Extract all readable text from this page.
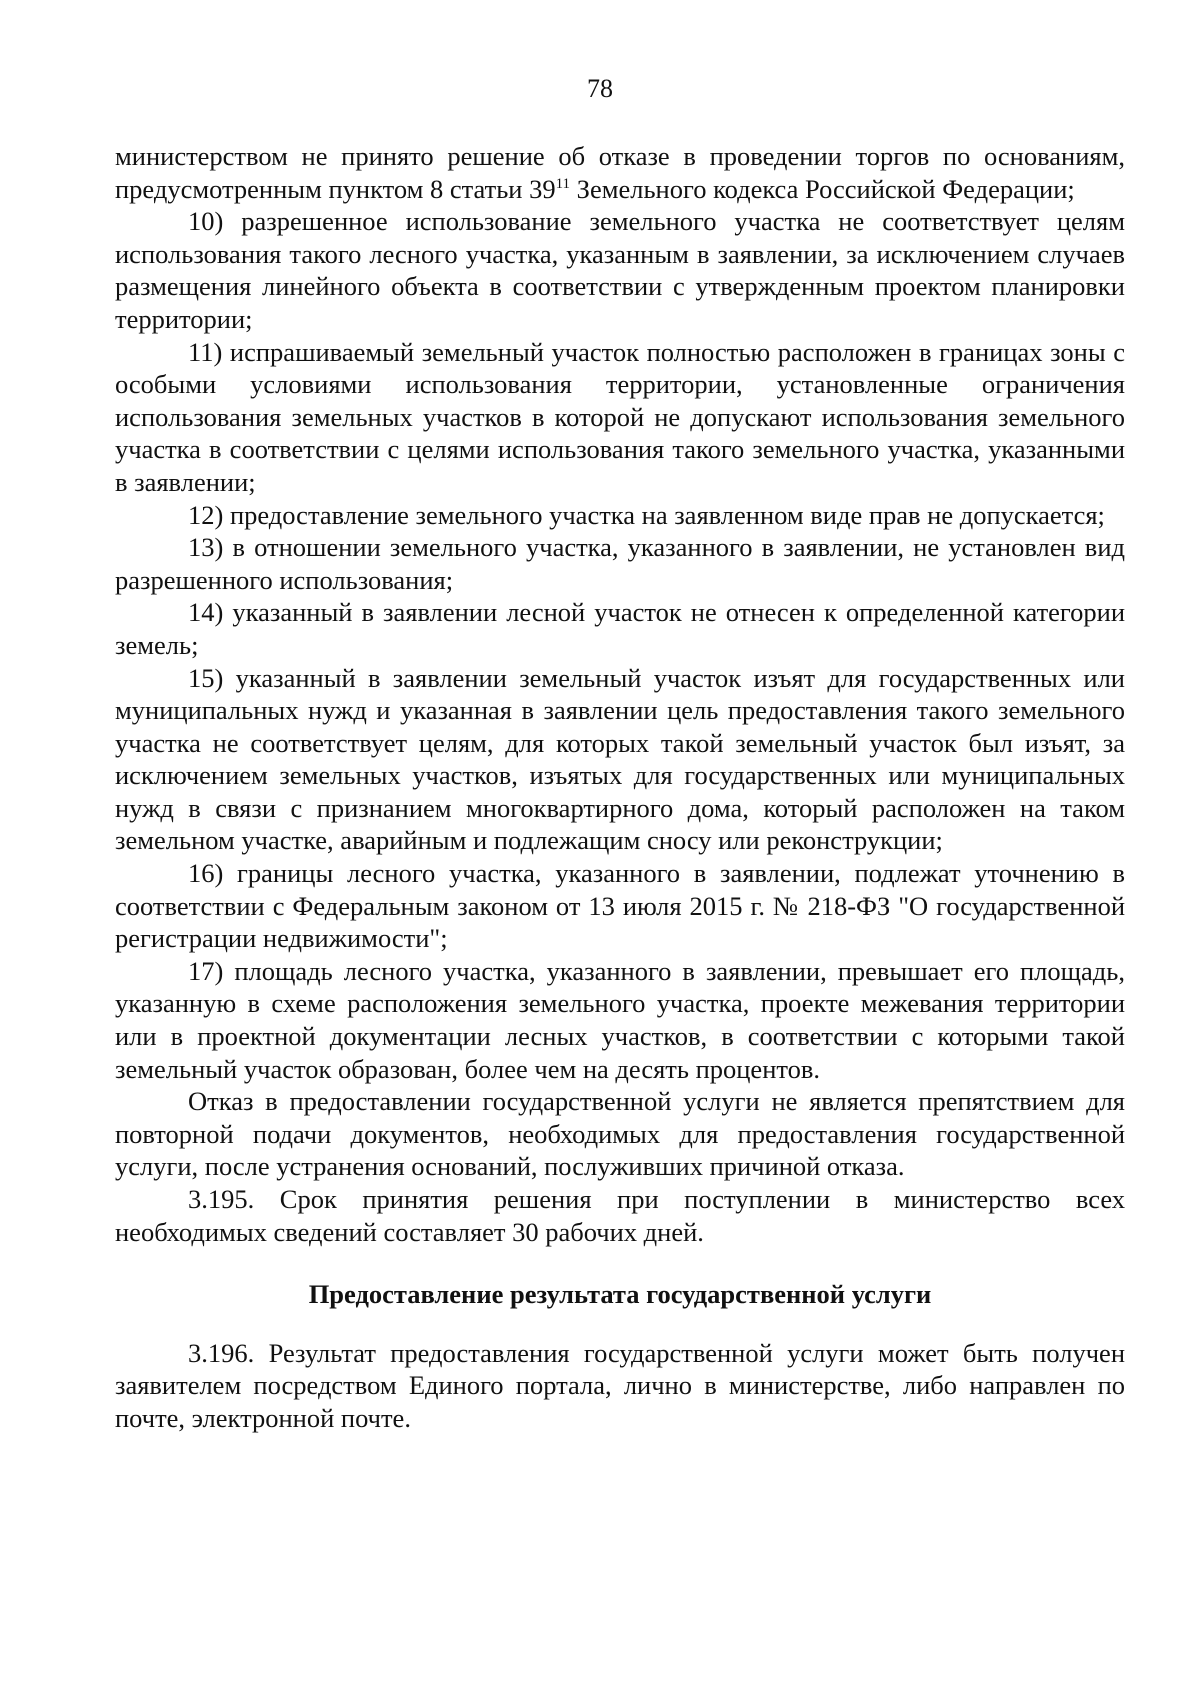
78

министерством не принято решение об отказе в проведении торгов по основаниям, предусмотренным пунктом 8 статьи $39^{11}$ Земельного кодекса Российской Федерации;

10) разрешенное использование земельного участка не соответствует целям использования такого лесного участка, указанным в заявлении, за исключением случаев размещения линейного объекта в соответствии с утвержденным проектом планировки территории;

11) испрашиваемый земельный участок полностью расположен в границах зоны с особыми условиями использования территории, установленные ограничения использования земельных участков в которой не допускают использования земельного участка в соответствии с целями использования такого земельного участка, указанными в заявлении;

12) предоставление земельного участка на заявленном виде прав не допускается;

13) в отношении земельного участка, указанного в заявлении, не установлен вид разрешенного использования;

14) указанный в заявлении лесной участок не отнесен к определенной категории земель;

15) указанный в заявлении земельный участок изъят для государственных или муниципальных нужд и указанная в заявлении цель предоставления такого земельного участка не соответствует целям, для которых такой земельный участок был изъят, за исключением земельных участков, изъятых для государственных или муниципальных нужд в связи с признанием многоквартирного дома, который расположен на таком земельном участке, аварийным и подлежащим сносу или реконструкции;

16) границы лесного участка, указанного в заявлении, подлежат уточнению в соответствии с Федеральным законом от 13 июля 2015 г. № 218-ФЗ "О государственной регистрации недвижимости";

17) площадь лесного участка, указанного в заявлении, превышает его площадь, указанную в схеме расположения земельного участка, проекте межевания территории или в проектной документации лесных участков, в соответствии с которыми такой земельный участок образован, более чем на десять процентов.

Отказ в предоставлении государственной услуги не является препятствием для повторной подачи документов, необходимых для предоставления государственной услуги, после устранения оснований, послуживших причиной отказа.

3.195. Срок принятия решения при поступлении в министерство всех необходимых сведений составляет 30 рабочих дней.

Предоставление результата государственной услуги

3.196. Результат предоставления государственной услуги может быть получен заявителем посредством Единого портала, лично в министерстве, либо направлен по почте, электронной почте.
